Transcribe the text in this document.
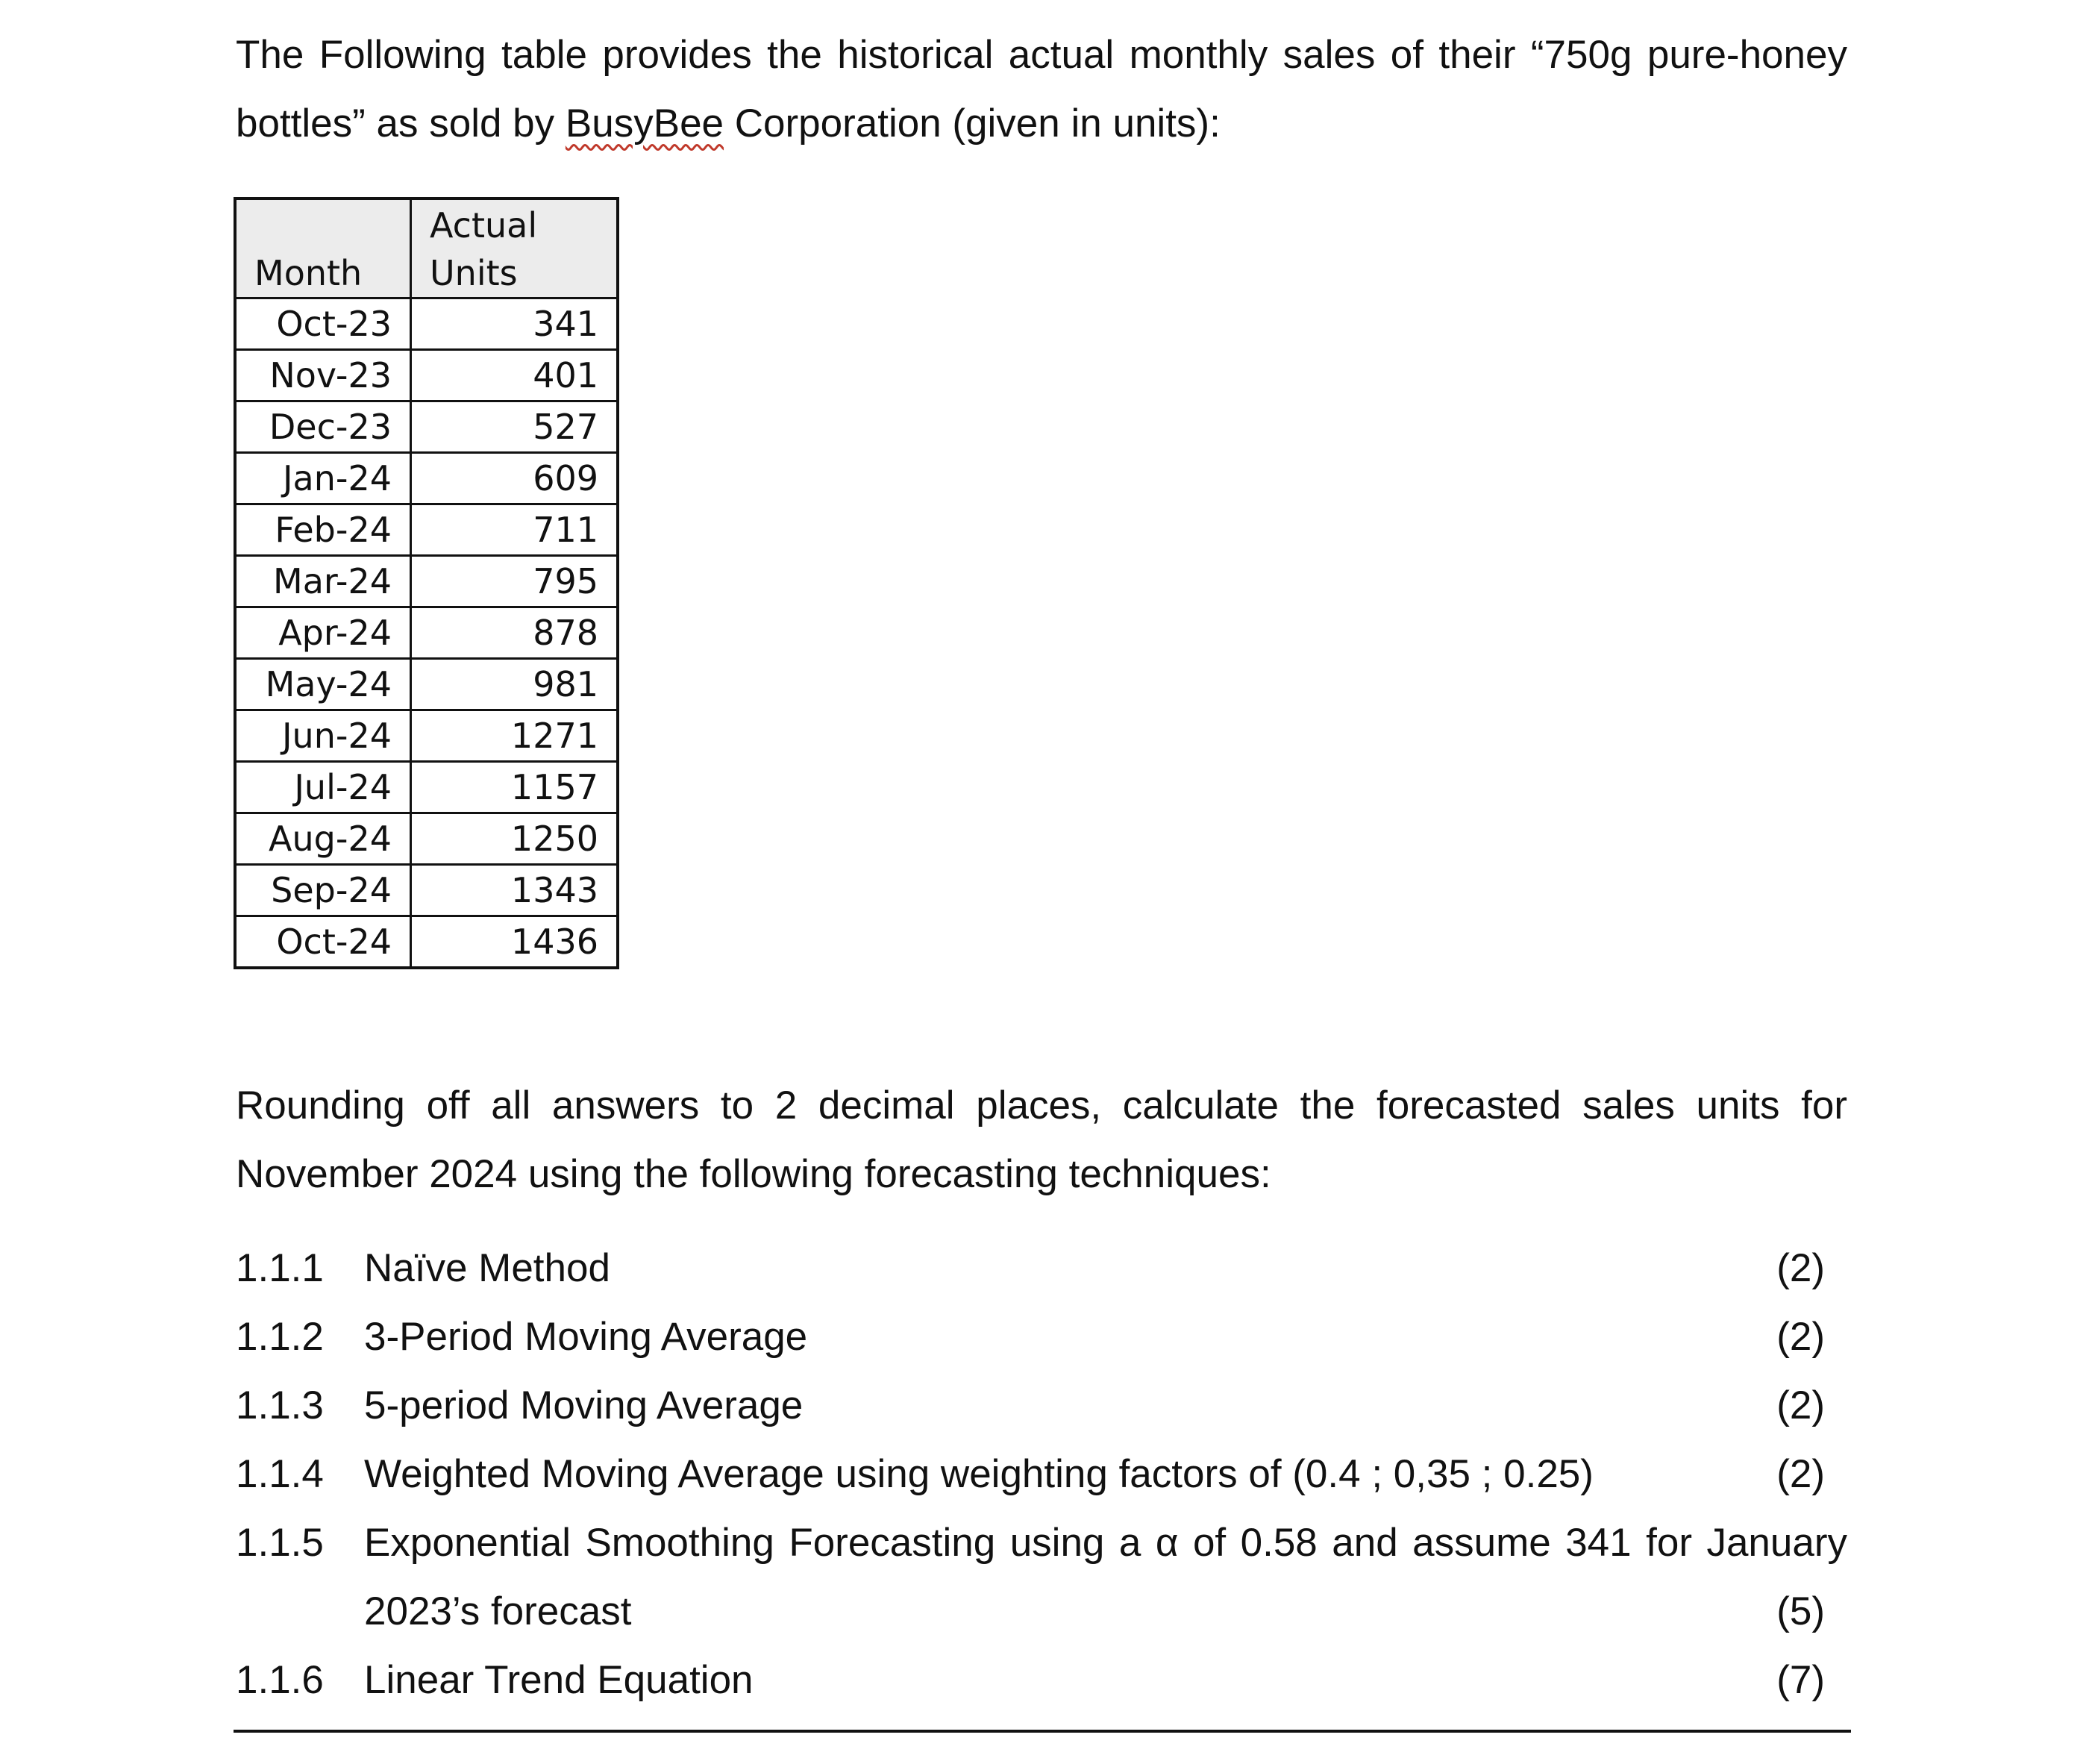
The Following table provides the historical actual monthly sales of their “750g pure-honey bottles” as sold by BusyBee Corporation (given in units):

Month	Actual
Units
Oct-23	341
Nov-23	401
Dec-23	527
Jan-24	609
Feb-24	711
Mar-24	795
Apr-24	878
May-24	981
Jun-24	1271
Jul-24	1157
Aug-24	1250
Sep-24	1343
Oct-24	1436

Rounding off all answers to 2 decimal places, calculate the forecasted sales units for November 2024 using the following forecasting techniques:

1.1.1	Naïve Method	(2)
1.1.2	3-Period Moving Average	(2)
1.1.3	5-period Moving Average	(2)
1.1.4	Weighted Moving Average using weighting factors of (0.4 ; 0,35 ; 0.25)	(2)
1.1.5	Exponential Smoothing Forecasting using a α of 0.58 and assume 341 for January
2023’s forecast	(5)
1.1.6	Linear Trend Equation	(7)
